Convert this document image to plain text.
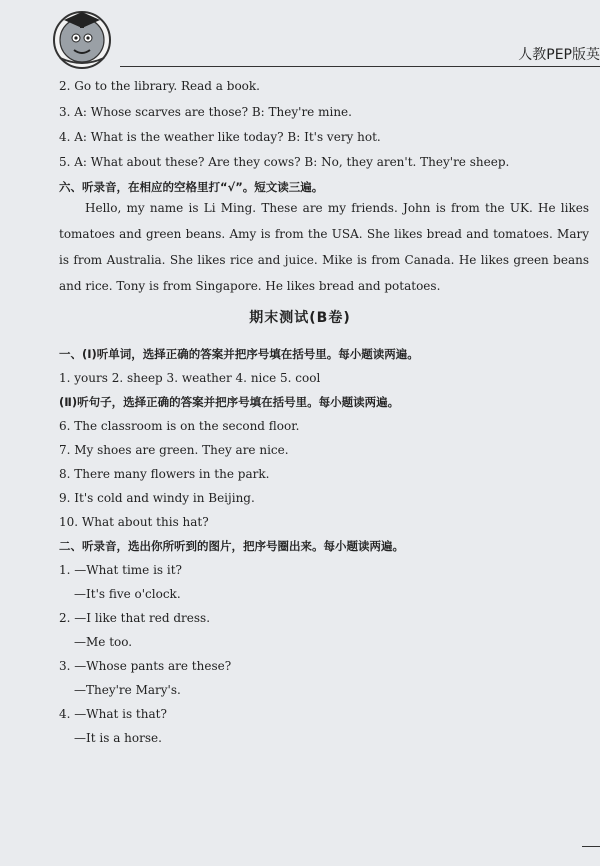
人教PEP版英
2. Go to the library. Read a book.
3. A: Whose scarves are those? B: They're mine.
4. A: What is the weather like today? B: It's very hot.
5. A: What about these? Are they cows? B: No, they aren't. They're sheep.
六、听录音，在相应的空格里打“√”。短文读三遍。
Hello, my name is Li Ming. These are my friends. John is from the UK. He likes tomatoes and green beans. Amy is from the USA. She likes bread and tomatoes. Mary is from Australia. She likes rice and juice. Mike is from Canada. He likes green beans and rice. Tony is from Singapore. He likes bread and potatoes.
期末测试(B卷)
一、(Ⅰ)听单词，选择正确的答案并把序号填在括号里。每小题读两遍。
1. yours 2. sheep 3. weather 4. nice 5. cool
(Ⅱ)听句子，选择正确的答案并把序号填在括号里。每小题读两遍。
6. The classroom is on the second floor.
7. My shoes are green. They are nice.
8. There many flowers in the park.
9. It's cold and windy in Beijing.
10. What about this hat?
二、听录音，选出你所听到的图片，把序号圈出来。每小题读两遍。
1. —What time is it?
—It's five o'clock.
2. —I like that red dress.
—Me too.
3. —Whose pants are these?
—They're Mary's.
4. —What is that?
—It is a horse.
